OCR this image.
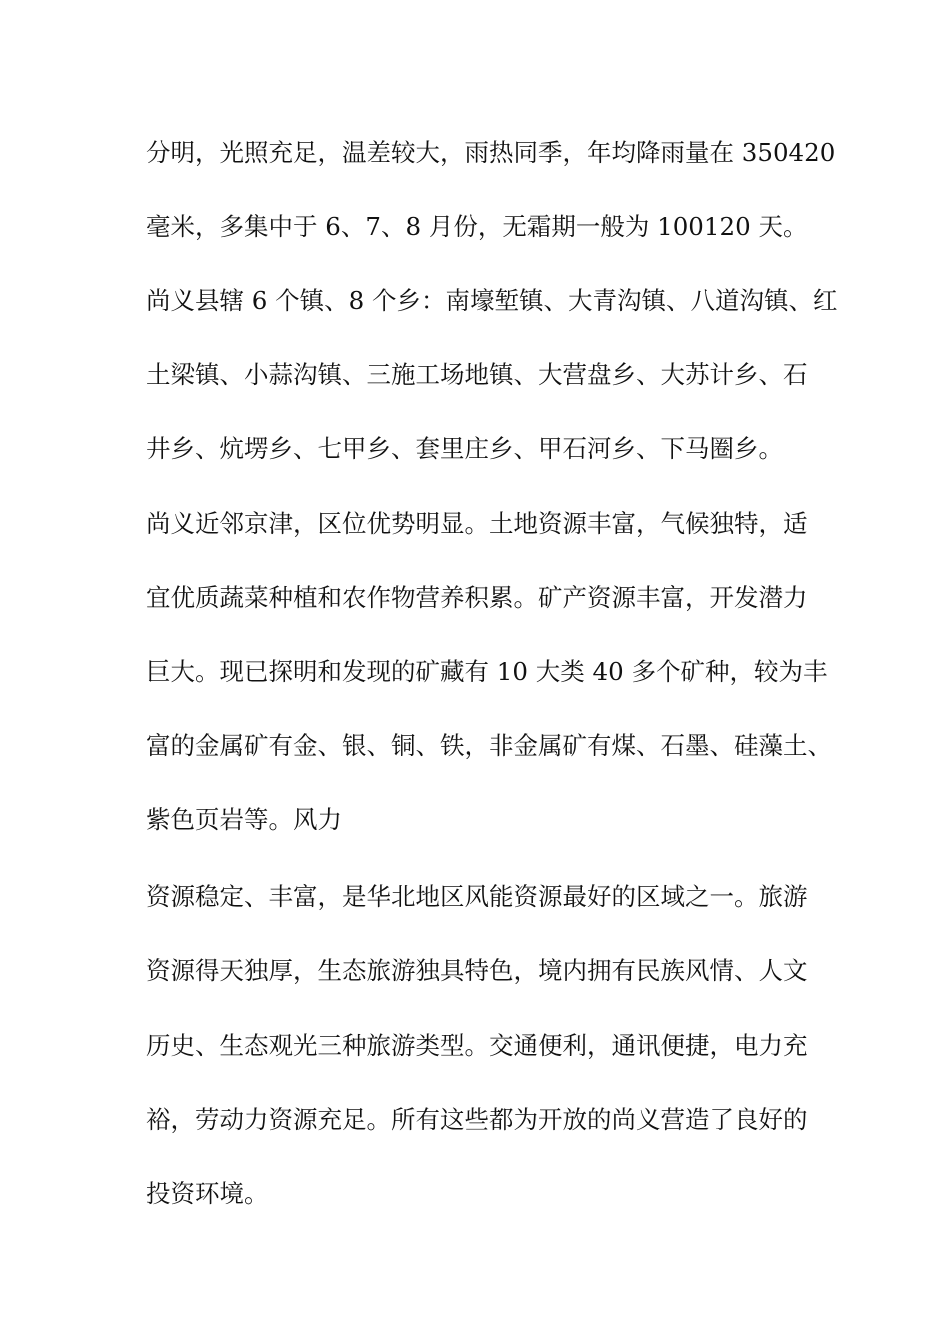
分明，光照充足，温差较大，雨热同季，年均降雨量在 350420

毫米，多集中于 6、7、8 月份，无霜期一般为 100120 天。

尚义县辖 6 个镇、8 个乡：南壕堑镇、大青沟镇、八道沟镇、红

土梁镇、小蒜沟镇、三施工场地镇、大营盘乡、大苏计乡、石

井乡、炕塄乡、七甲乡、套里庄乡、甲石河乡、下马圈乡。

尚义近邻京津，区位优势明显。土地资源丰富，气候独特，适

宜优质蔬菜种植和农作物营养积累。矿产资源丰富，开发潜力

巨大。现已探明和发现的矿藏有 10 大类 40 多个矿种，较为丰

富的金属矿有金、银、铜、铁，非金属矿有煤、石墨、硅藻土、

紫色页岩等。风力

资源稳定、丰富，是华北地区风能资源最好的区域之一。旅游

资源得天独厚，生态旅游独具特色，境内拥有民族风情、人文

历史、生态观光三种旅游类型。交通便利，通讯便捷，电力充

裕，劳动力资源充足。所有这些都为开放的尚义营造了良好的

投资环境。
